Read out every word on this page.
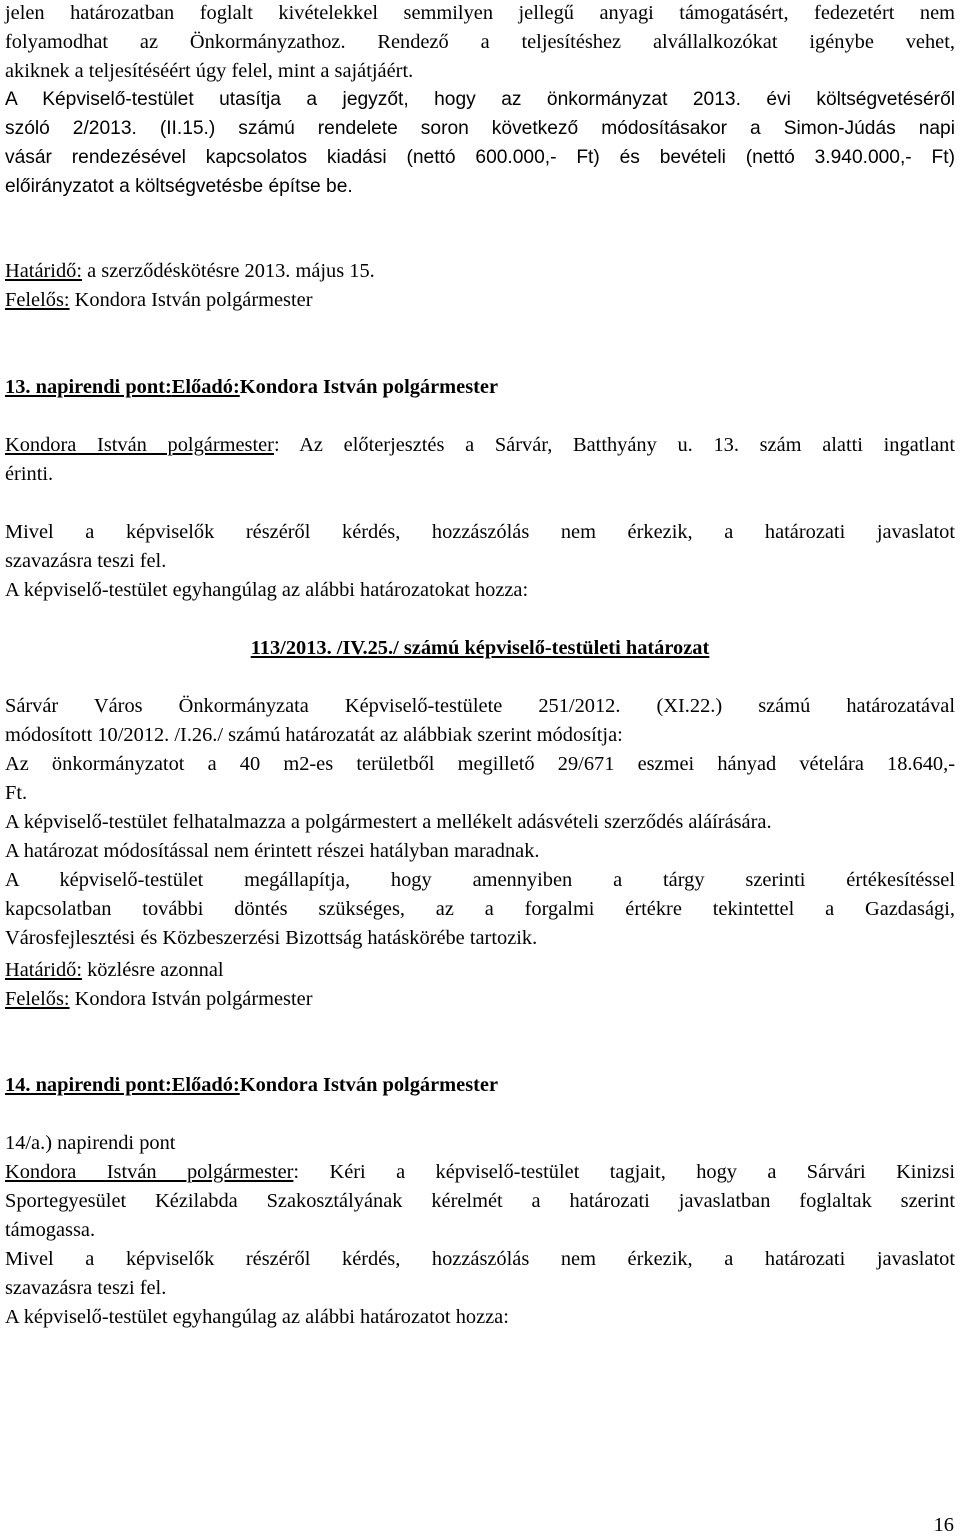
jelen határozatban foglalt kivételekkel semmilyen jellegű anyagi támogatásért, fedezetért nem
folyamodhat az Önkormányzathoz. Rendező a teljesítéshez alvállalkozókat igénybe vehet,
akiknek a teljesítéséért úgy felel, mint a sajátjáért.
A Képviselő-testület utasítja a jegyzőt, hogy az önkormányzat 2013. évi költségvetéséről
szóló 2/2013. (II.15.) számú rendelete soron következő módosításakor a Simon-Júdás napi
vásár rendezésével kapcsolatos kiadási (nettó 600.000,- Ft) és bevételi (nettó 3.940.000,- Ft)
előirányzatot a költségvetésbe építse be.
Határidő: a szerződéskötésre 2013. május 15.
Felelős: Kondora István polgármester
13. napirendi pont:Előadó:Kondora István polgármester
Kondora István polgármester: Az előterjesztés a Sárvár, Batthyány u. 13. szám alatti ingatlant
érinti.
Mivel a képviselők részéről kérdés, hozzászólás nem érkezik, a határozati javaslatot
szavazásra teszi fel.
A képviselő-testület egyhangúlag az alábbi határozatokat hozza:
113/2013. /IV.25./ számú képviselő-testületi határozat
Sárvár Város Önkormányzata Képviselő-testülete 251/2012. (XI.22.) számú határozatával
módosított 10/2012. /I.26./ számú határozatát az alábbiak szerint módosítja:
Az önkormányzatot a 40 m2-es területből megillető 29/671 eszmei hányad vételára 18.640,-
Ft.
A képviselő-testület felhatalmazza a polgármestert a mellékelt adásvételi szerződés aláírására.
A határozat módosítással nem érintett részei hatályban maradnak.
A képviselő-testület megállapítja, hogy amennyiben a tárgy szerinti értékesítéssel
kapcsolatban további döntés szükséges, az a forgalmi értékre tekintettel a Gazdasági,
Városfejlesztési és Közbeszerzési Bizottság hatáskörébe tartozik.
Határidő: közlésre azonnal
Felelős: Kondora István polgármester
14. napirendi pont:Előadó:Kondora István polgármester
14/a.) napirendi pont
Kondora István polgármester: Kéri a képviselő-testület tagjait, hogy a Sárvári Kinizsi
Sportegyesület Kézilabda Szakosztályának kérelmét a határozati javaslatban foglaltak szerint
támogassa.
Mivel a képviselők részéről kérdés, hozzászólás nem érkezik, a határozati javaslatot
szavazásra teszi fel.
A képviselő-testület egyhangúlag az alábbi határozatot hozza:
16
